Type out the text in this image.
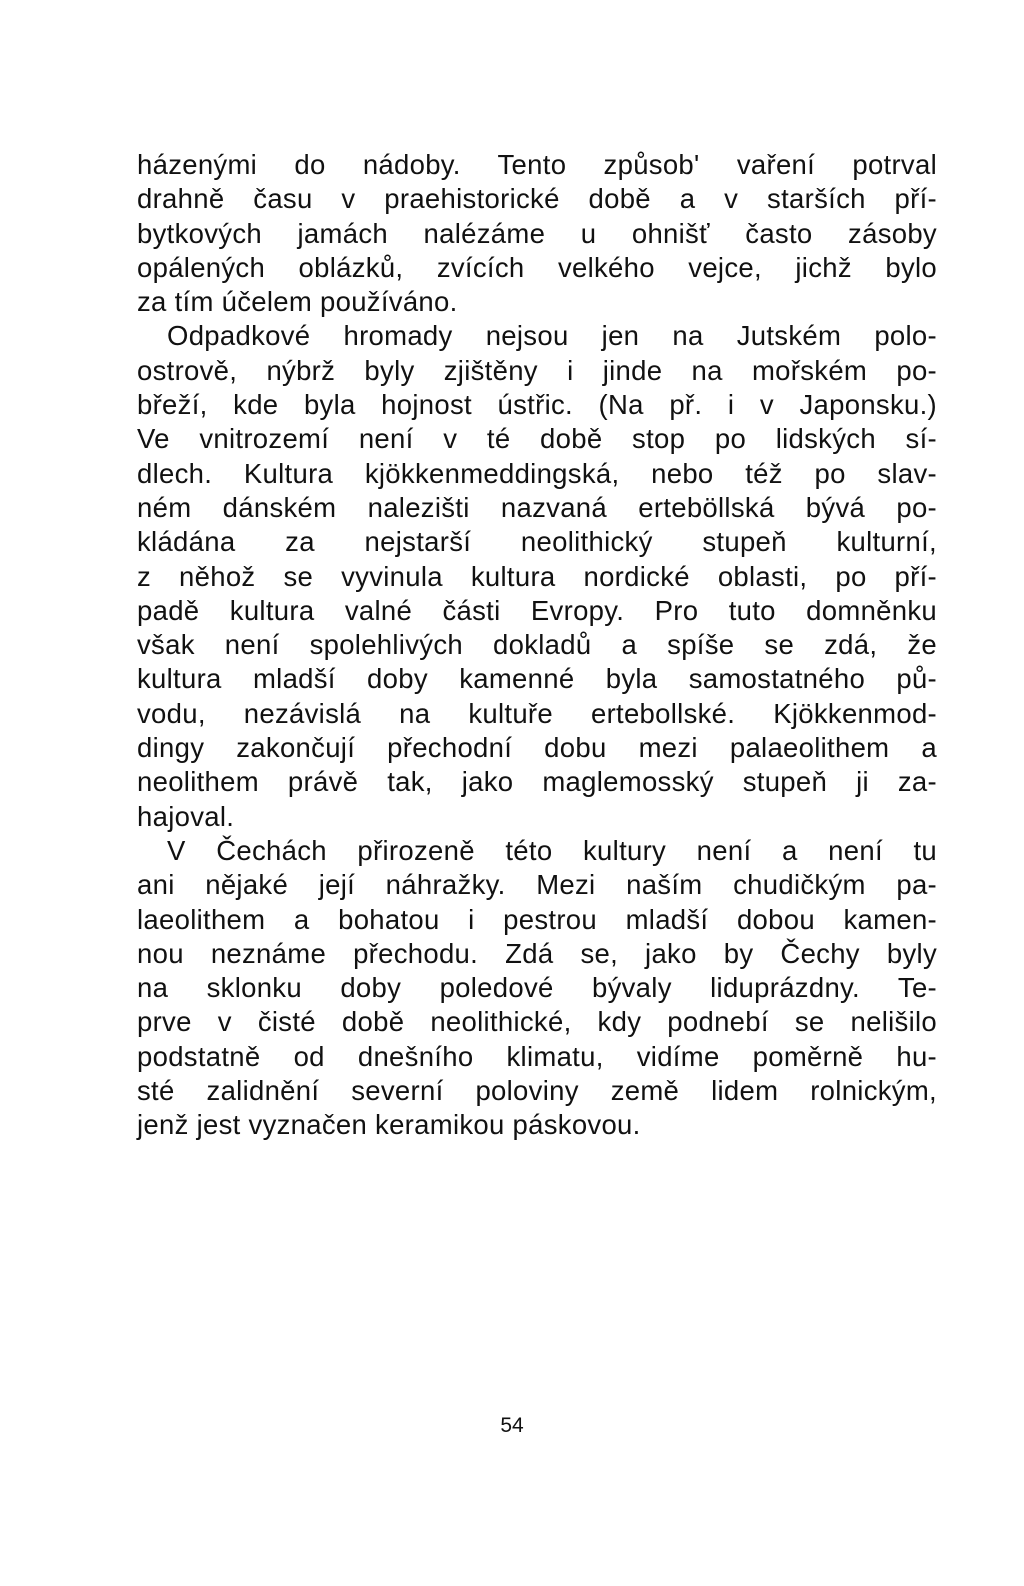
házenými do nádoby. Tento způsob' vaření potrval
drahně času v praehistorické době a v starších pří-
bytkových jamách nalézáme u ohnišť často zásoby
opálených oblázků, zvících velkého vejce, jichž bylo
za tím účelem používáno.
Odpadkové hromady nejsou jen na Jutském polo-
ostrově, nýbrž byly zjištěny i jinde na mořském po-
břeží, kde byla hojnost ústřic. (Na př. i v Japonsku.)
Ve vnitrozemí není v té době stop po lidských sí-
dlech. Kultura kjökkenmeddingská, nebo též po slav-
ném dánském nalezišti nazvaná erteböllská bývá po-
kládána za nejstarší neolithický stupeň kulturní,
z něhož se vyvinula kultura nordické oblasti, po pří-
padě kultura valné části Evropy. Pro tuto domněnku
však není spolehlivých dokladů a spíše se zdá, že
kultura mladší doby kamenné byla samostatného pů-
vodu, nezávislá na kultuře ertebollské. Kjökkenmod-
dingy zakončují přechodní dobu mezi palaeolithem a
neolithem právě tak, jako maglemosský stupeň ji za-
hajoval.
V Čechách přirozeně této kultury není a není tu
ani nějaké její náhražky. Mezi naším chudičkým pa-
laeolithem a bohatou i pestrou mladší dobou kamen-
nou neznáme přechodu. Zdá se, jako by Čechy byly
na sklonku doby poledové bývaly liduprázdny. Te-
prve v čisté době neolithické, kdy podnebí se nelišilo
podstatně od dnešního klimatu, vidíme poměrně hu-
sté zalidnění severní poloviny země lidem rolnickým,
jenž jest vyznačen keramikou páskovou.
54
